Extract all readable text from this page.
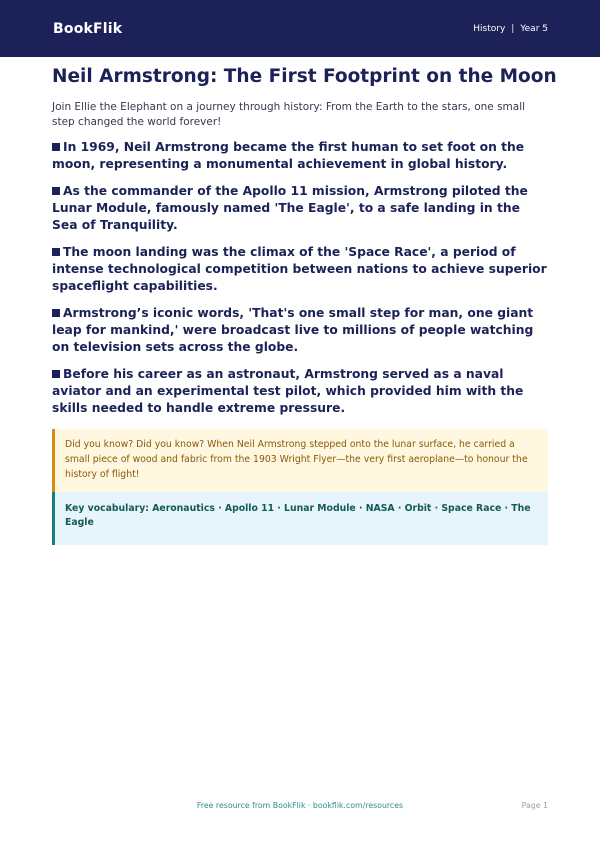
BookFlik	History | Year 5
Neil Armstrong: The First Footprint on the Moon

Join Ellie the Elephant on a journey through history: From the Earth to the stars, one small step changed the world forever!

In 1969, Neil Armstrong became the first human to set foot on the moon, representing a monumental achievement in global history.
As the commander of the Apollo 11 mission, Armstrong piloted the Lunar Module, famously named 'The Eagle', to a safe landing in the Sea of Tranquility.
The moon landing was the climax of the 'Space Race', a period of intense technological competition between nations to achieve superior spaceflight capabilities.
Armstrong’s iconic words, 'That's one small step for man, one giant leap for mankind,' were broadcast live to millions of people watching on television sets across the globe.
Before his career as an astronaut, Armstrong served as a naval aviator and an experimental test pilot, which provided him with the skills needed to handle extreme pressure.
Did you know? Did you know? When Neil Armstrong stepped onto the lunar surface, he carried a small piece of wood and fabric from the 1903 Wright Flyer—the very first aeroplane—to honour the history of flight!
Key vocabulary: Aeronautics · Apollo 11 · Lunar Module · NASA · Orbit · Space Race · The Eagle
Free resource from BookFlik · bookflik.com/resources	Page 1
